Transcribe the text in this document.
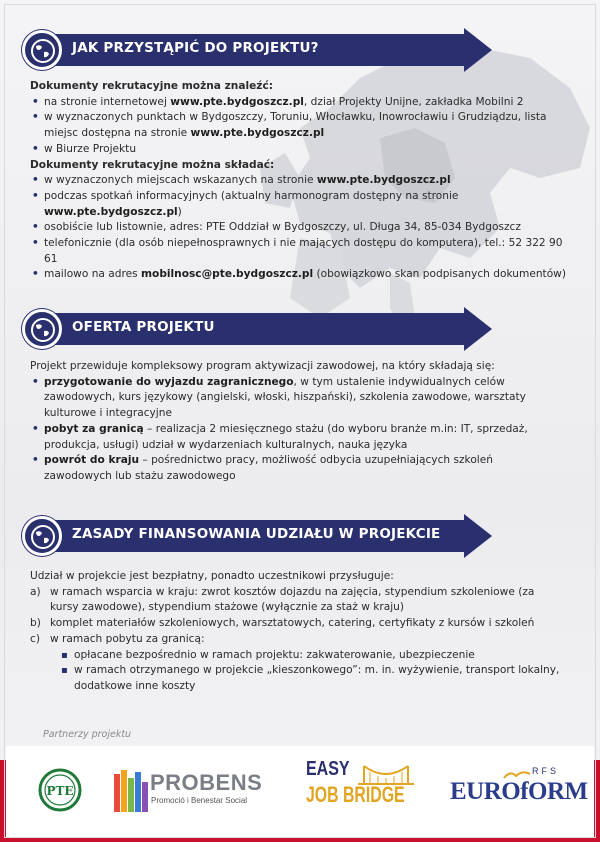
JAK PRZYSTĄPIĆ DO PROJEKTU?
Dokumenty rekrutacyjne można znaleźć:
• na stronie internetowej www.pte.bydgoszcz.pl, dział Projekty Unijne, zakładka Mobilni 2
• w wyznaczonych punktach w Bydgoszczy, Toruniu, Włocławku, Inowrocławiu i Grudziądzu, lista miejsc dostępna na stronie www.pte.bydgoszcz.pl
• w Biurze Projektu
Dokumenty rekrutacyjne można składać:
• w wyznaczonych miejscach wskazanych na stronie www.pte.bydgoszcz.pl
• podczas spotkań informacyjnych (aktualny harmonogram dostępny na stronie www.pte.bydgoszcz.pl)
• osobiście lub listownie, adres: PTE Oddział w Bydgoszczy, ul. Długa 34, 85-034 Bydgoszcz
• telefonicznie (dla osób niepełnosprawnych i nie mających dostępu do komputera), tel.: 52 322 90 61
• mailowo na adres mobilnosc@pte.bydgoszcz.pl (obowiązkowo skan podpisanych dokumentów)
OFERTA PROJEKTU
Projekt przewiduje kompleksowy program aktywizacji zawodowej, na który składają się:
• przygotowanie do wyjazdu zagranicznego, w tym ustalenie indywidualnych celów zawodowych, kurs językowy (angielski, włoski, hiszpański), szkolenia zawodowe, warsztaty kulturowe i integracyjne
• pobyt za granicą – realizacja 2 miesięcznego stażu (do wyboru branże m.in: IT, sprzedaż, produkcja, usługi) udział w wydarzeniach kulturalnych, nauka języka
• powrót do kraju – pośrednictwo pracy, możliwość odbycia uzupełniających szkoleń zawodowych lub stażu zawodowego
ZASADY FINANSOWANIA UDZIAŁU W PROJEKCIE
Udział w projekcie jest bezpłatny, ponadto uczestnikowi przysługuje:
a) w ramach wsparcia w kraju: zwrot kosztów dojazdu na zajęcia, stypendium szkoleniowe (za kursy zawodowe), stypendium stażowe (wyłącznie za staż w kraju)
b) komplet materiałów szkoleniowych, warsztatowych, catering, certyfikaty z kursów i szkoleń
c) w ramach pobytu za granicą:
▪ opłacane bezpośrednio w ramach projektu: zakwaterowanie, ubezpieczenie
▪ w ramach otrzymanego w projekcie „kieszonkowego”: m. in. wyżywienie, transport lokalny, dodatkowe inne koszty
Partnerzy projektu
PTE	PROBENS
Promoció i Benestar Social
EASY
JOB BRIDGE
RFS
EUROfORM
